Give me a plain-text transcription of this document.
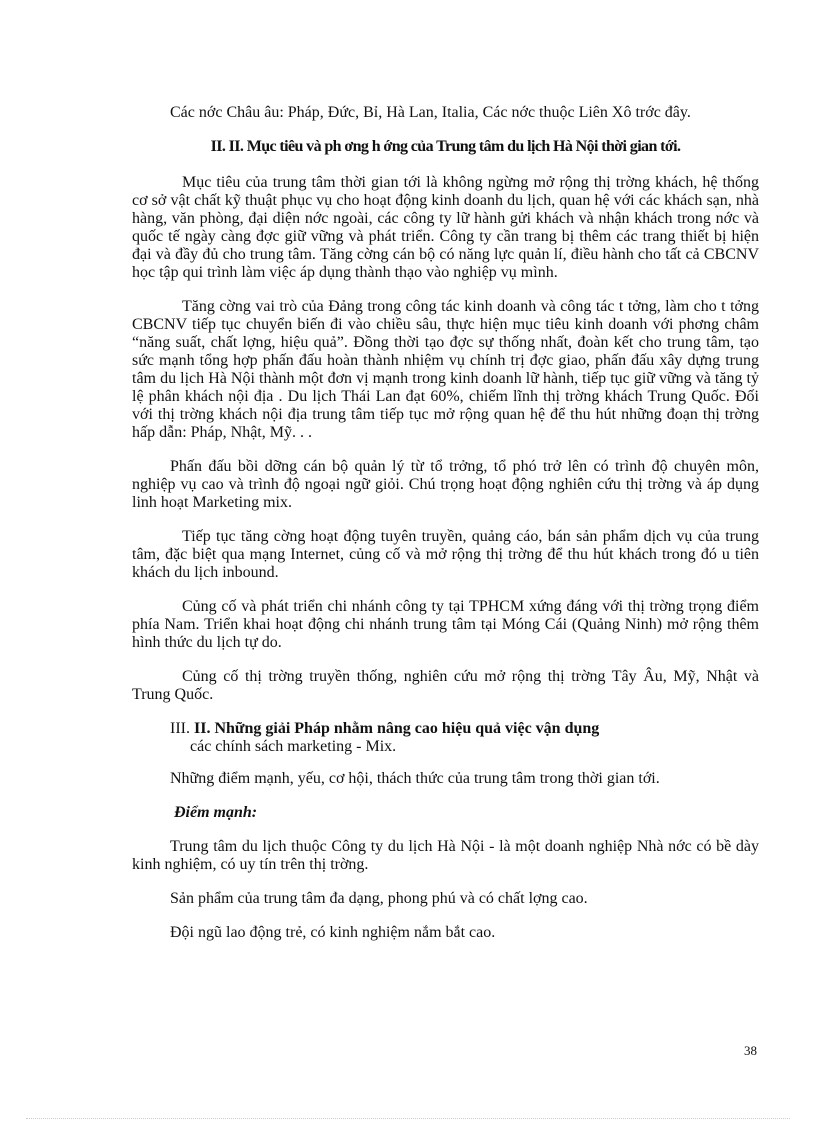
Các nớc Châu âu: Pháp, Đức, Bỉ, Hà Lan, Italia, Các nớc thuộc Liên Xô trớc đây.

II. II. Mục tiêu và ph ơng h ớng của Trung tâm du lịch Hà Nội thời gian tới.

Mục tiêu của trung tâm thời gian tới là không ngừng mở rộng thị trờng khách, hệ thống cơ sở vật chất kỹ thuật phục vụ cho hoạt động kinh doanh du lịch, quan hệ với các khách sạn, nhà hàng, văn phòng, đại diện nớc ngoài, các công ty lữ hành gửi khách và nhận khách trong nớc và quốc tế ngày càng đợc giữ vững và phát triển. Công ty cần trang bị thêm các trang thiết bị hiện đại và đầy đủ cho trung tâm. Tăng cờng cán bộ có năng lực quản lí, điều hành cho tất cả CBCNV học tập qui trình làm việc áp dụng thành thạo vào nghiệp vụ mình.

Tăng cờng vai trò của Đảng trong công tác kinh doanh và công tác t tởng, làm cho t tởng CBCNV tiếp tục chuyển biến đi vào chiều sâu, thực hiện mục tiêu kinh doanh với phơng châm “năng suất, chất lợng, hiệu quả”. Đồng thời tạo đợc sự thống nhất, đoàn kết cho trung tâm, tạo sức mạnh tổng hợp phấn đấu hoàn thành nhiệm vụ chính trị đợc giao, phấn đấu xây dựng trung tâm du lịch Hà Nội thành một đơn vị mạnh trong kinh doanh lữ hành, tiếp tục giữ vững và tăng tỷ lệ phân khách nội địa . Du lịch Thái Lan đạt 60%, chiếm lĩnh thị trờng khách Trung Quốc. Đối với thị trờng khách nội địa trung tâm tiếp tục mở rộng quan hệ để thu hút những đoạn thị trờng hấp dẫn: Pháp, Nhật, Mỹ. . .

Phấn đấu bồi dỡng cán bộ quản lý từ tổ trởng, tổ phó trở lên có trình độ chuyên môn, nghiệp vụ cao và trình độ ngoại ngữ giỏi. Chú trọng hoạt động nghiên cứu thị trờng và áp dụng linh hoạt Marketing mix.

Tiếp tục tăng cờng hoạt động tuyên truyền, quảng cáo, bán sản phẩm dịch vụ của trung tâm, đặc biệt qua mạng Internet, củng cố và mở rộng thị trờng để thu hút khách trong đó u tiên khách du lịch inbound.

Củng cố và phát triển chi nhánh công ty tại TPHCM xứng đáng với thị trờng trọng điểm phía Nam. Triển khai hoạt động chi nhánh trung tâm tại Móng Cái (Quảng Ninh) mở rộng thêm hình thức du lịch tự do.

Củng cố thị trờng truyền thống, nghiên cứu mở rộng thị trờng Tây Âu, Mỹ, Nhật và Trung Quốc.

III. II. Những giải Pháp nhằm nâng cao hiệu quả việc vận dụng
các chính sách marketing - Mix.

Những điểm mạnh, yếu, cơ hội, thách thức của trung tâm trong thời gian tới.

Điểm mạnh:

Trung tâm du lịch thuộc Công ty du lịch Hà Nội - là một doanh nghiệp Nhà nớc có bề dày kinh nghiệm, có uy tín trên thị trờng.

Sản phẩm của trung tâm đa dạng, phong phú và có chất lợng cao.

Đội ngũ lao động trẻ, có kinh nghiệm nắm bắt cao.

38
